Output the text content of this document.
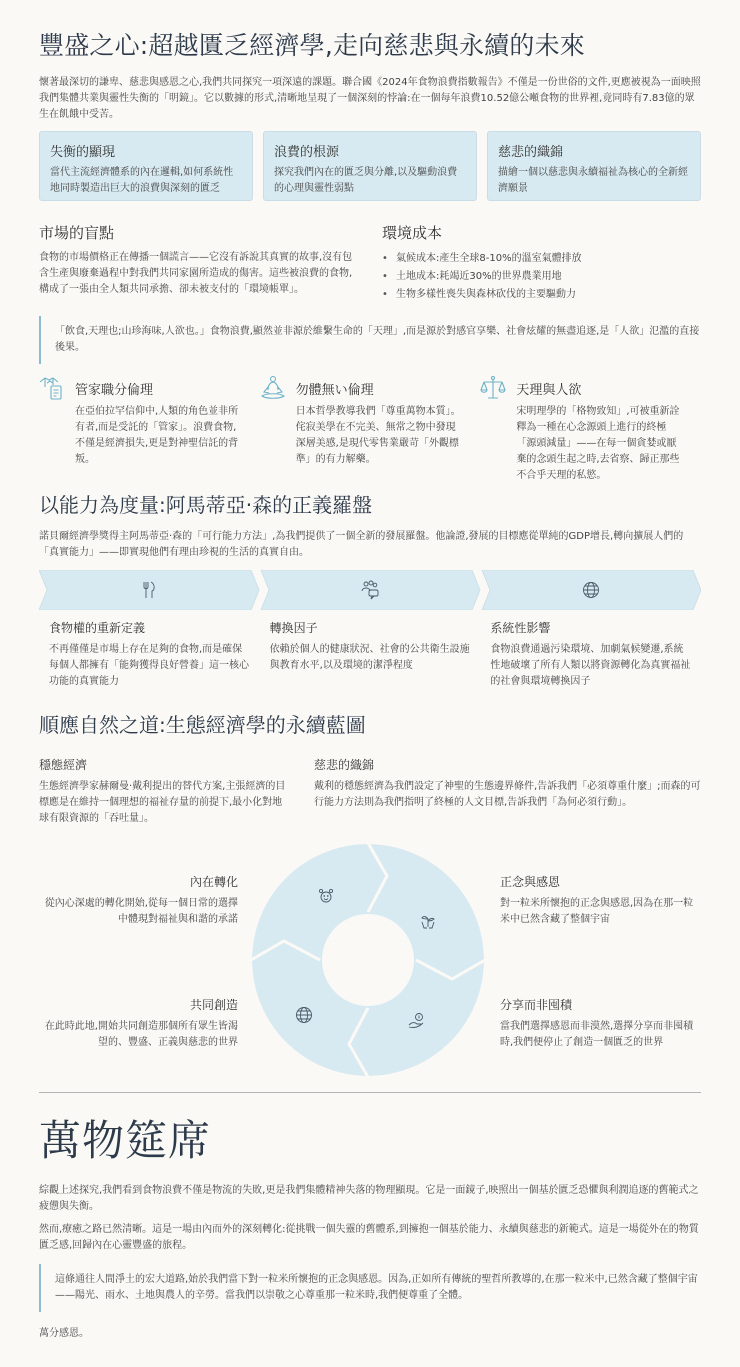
豐盛之心:超越匱乏經濟學,走向慈悲與永續的未來

懷著最深切的謙卑、慈悲與感恩之心,我們共同探究一項深遠的課題。聯合國《2024年食物浪費指數報告》不僅是一份世俗的文件,更應被視為一面映照我們集體共業與靈性失衡的「明鏡」。它以數據的形式,清晰地呈現了一個深刻的悖論:在一個每年浪費10.52億公噸食物的世界裡,竟同時有7.83億的眾生在飢餓中受苦。

失衡的顯現

當代主流經濟體系的內在邏輯,如何系統性地同時製造出巨大的浪費與深刻的匱乏

浪費的根源

探究我們內在的匱乏與分離,以及驅動浪費的心理與靈性弱點

慈悲的織錦

描繪一個以慈悲與永續福祉為核心的全新經濟願景

市場的盲點

食物的市場價格正在傳播一個謊言——它沒有訴說其真實的故事,沒有包含生產與廢棄過程中對我們共同家園所造成的傷害。這些被浪費的食物,構成了一張由全人類共同承擔、卻未被支付的「環境帳單」。

環境成本
• 氣候成本:產生全球8-10%的溫室氣體排放
• 土地成本:耗竭近30%的世界農業用地
• 生物多樣性喪失與森林砍伐的主要驅動力
「飲食,天理也;山珍海味,人欲也。」食物浪費,顯然並非源於維繫生命的「天理」,而是源於對感官享樂、社會炫耀的無盡追逐,是「人欲」氾濫的直接後果。
管家職分倫理

在亞伯拉罕信仰中,人類的角色並非所有者,而是受託的「管家」。浪費食物,不僅是經濟損失,更是對神聖信託的背叛。

勿體無い倫理

日本哲學教導我們「尊重萬物本質」。侘寂美學在不完美、無常之物中發現深層美感,是現代零售業嚴苛「外觀標準」的有力解藥。

天理與人欲

宋明理學的「格物致知」,可被重新詮釋為一種在心念源頭上進行的終極「源頭減量」——在每一個貪婪或厭棄的念頭生起之時,去省察、歸正那些不合乎天理的私慾。

以能力為度量:阿馬蒂亞·森的正義羅盤

諾貝爾經濟學獎得主阿馬蒂亞·森的「可行能力方法」,為我們提供了一個全新的發展羅盤。他論證,發展的目標應從單純的GDP增長,轉向擴展人們的「真實能力」——即實現他們有理由珍視的生活的真實自由。

食物權的重新定義

不再僅僅是市場上存在足夠的食物,而是確保每個人都擁有「能夠獲得良好營養」這一核心功能的真實能力

轉換因子

依賴於個人的健康狀況、社會的公共衛生設施與教育水平,以及環境的潔淨程度

系統性影響

食物浪費通過污染環境、加劇氣候變遷,系統性地破壞了所有人類以將資源轉化為真實福祉的社會與環境轉換因子

順應自然之道:生態經濟學的永續藍圖
穩態經濟

生態經濟學家赫爾曼·戴利提出的替代方案,主張經濟的目標應是在維持一個理想的福祉存量的前提下,最小化對地球有限資源的「吞吐量」。

慈悲的織錦

戴利的穩態經濟為我們設定了神聖的生態邊界條件,告訴我們「必須尊重什麼」;而森的可行能力方法則為我們指明了終極的人文目標,告訴我們「為何必須行動」。

內在轉化

從內心深處的轉化開始,從每一個日常的選擇中體現對福祉與和諧的承諾

正念與感恩

對一粒米所懷抱的正念與感恩,因為在那一粒米中已然含藏了整個宇宙

共同創造

在此時此地,開始共同創造那個所有眾生皆渴望的、豐盛、正義與慈悲的世界

分享而非囤積

當我們選擇感恩而非漠然,選擇分享而非囤積時,我們便停止了創造一個匱乏的世界

萬物筵席

綜觀上述探究,我們看到食物浪費不僅是物流的失敗,更是我們集體精神失落的物理顯現。它是一面鏡子,映照出一個基於匱乏恐懼與利潤追逐的舊範式之疲憊與失衡。

然而,療癒之路已然清晰。這是一場由內而外的深刻轉化:從挑戰一個失靈的舊體系,到擁抱一個基於能力、永續與慈悲的新範式。這是一場從外在的物質匱乏感,回歸內在心靈豐盛的旅程。

這條通往人間淨土的宏大道路,始於我們當下對一粒米所懷抱的正念與感恩。因為,正如所有傳統的聖哲所教導的,在那一粒米中,已然含藏了整個宇宙——陽光、雨水、土地與農人的辛勞。當我們以崇敬之心尊重那一粒米時,我們便尊重了全體。

萬分感恩。
